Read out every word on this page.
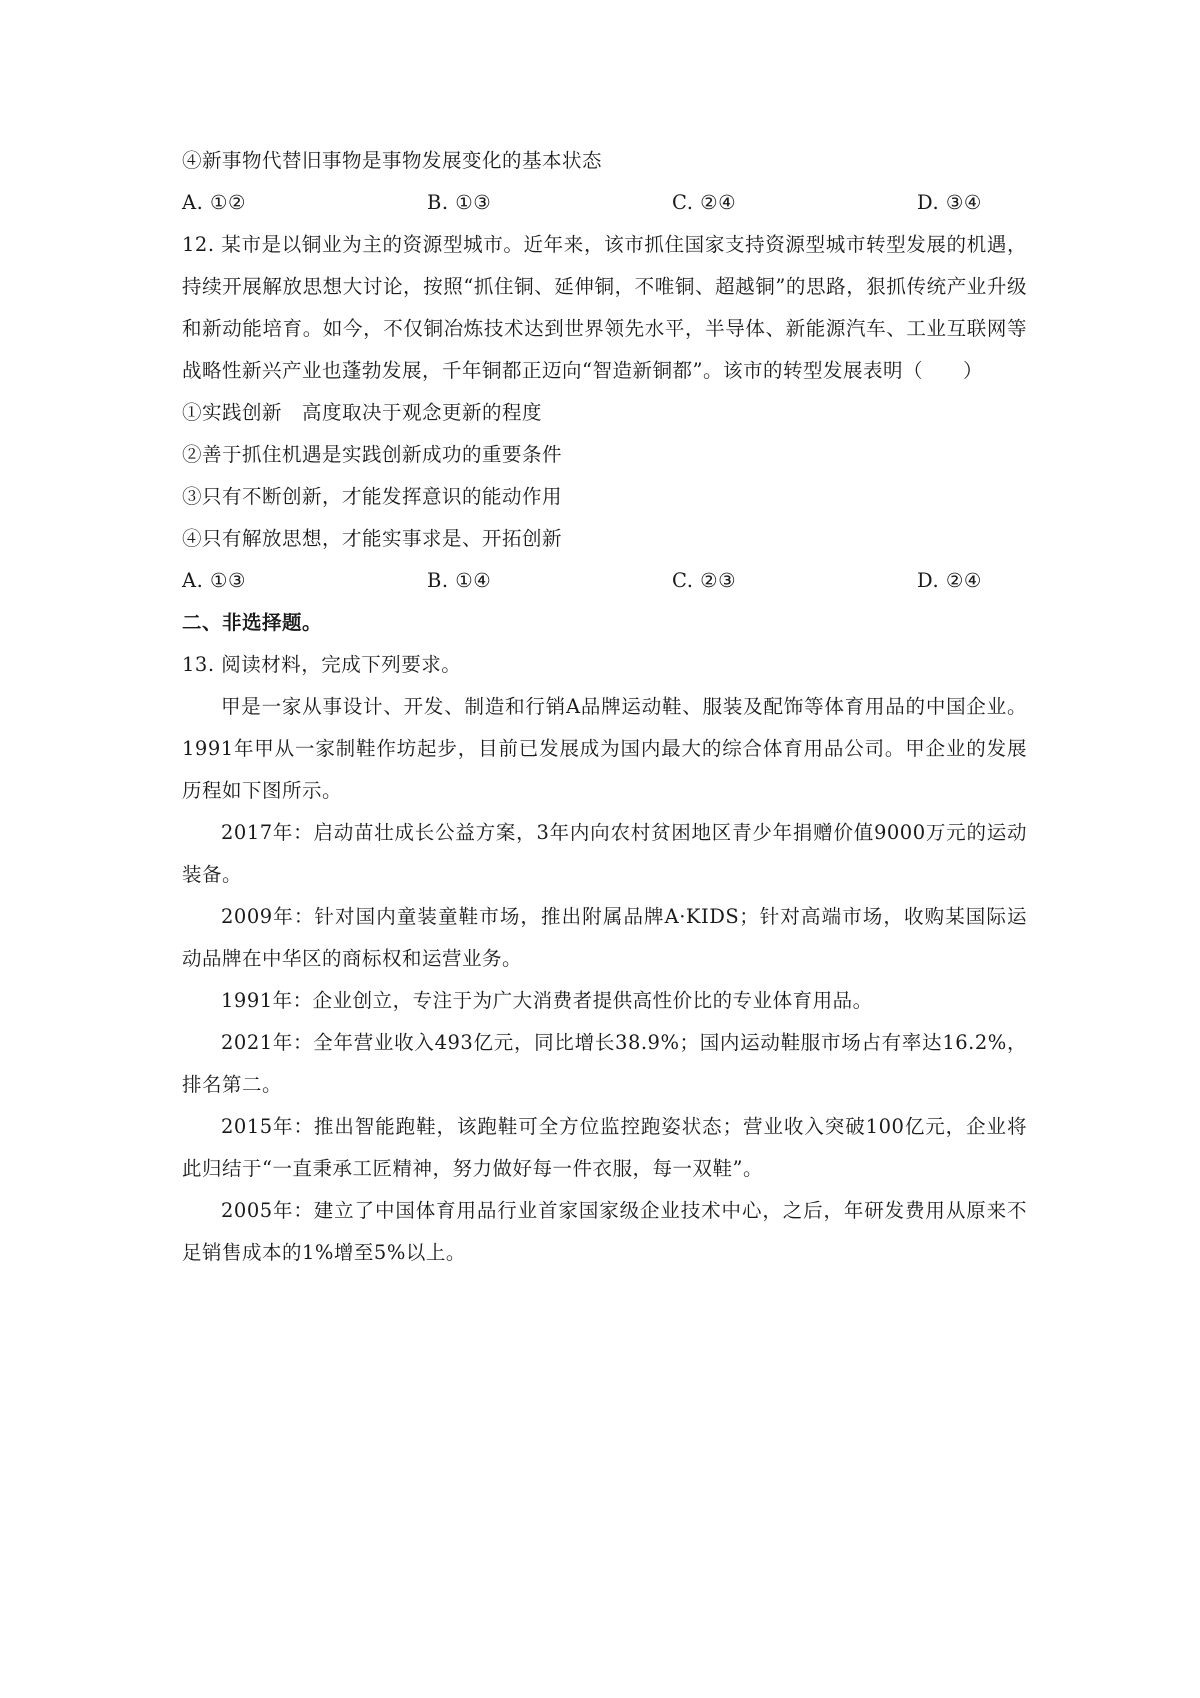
④新事物代替旧事物是事物发展变化的基本状态
A. ①②	B. ①③	C. ②④	D. ③④
12. 某市是以铜业为主的资源型城市。近年来，该市抓住国家支持资源型城市转型发展的机遇，持续开展解放思想大讨论，按照“抓住铜、延伸铜，不唯铜、超越铜”的思路，狠抓传统产业升级和新动能培育。如今，不仅铜冶炼技术达到世界领先水平，半导体、新能源汽车、工业互联网等战略性新兴产业也蓬勃发展，千年铜都正迈向“智造新铜都”。该市的转型发展表明（　　）
①实践创新　高度取决于观念更新的程度
②善于抓住机遇是实践创新成功的重要条件
③只有不断创新，才能发挥意识的能动作用
④只有解放思想，才能实事求是、开拓创新
A. ①③	B. ①④	C. ②③	D. ②④
二、非选择题。
13. 阅读材料，完成下列要求。
甲是一家从事设计、开发、制造和行销A品牌运动鞋、服装及配饰等体育用品的中国企业。1991年甲从一家制鞋作坊起步，目前已发展成为国内最大的综合体育用品公司。甲企业的发展历程如下图所示。
2017年：启动苗壮成长公益方案，3年内向农村贫困地区青少年捐赠价值9000万元的运动装备。
2009年：针对国内童装童鞋市场，推出附属品牌A·KIDS；针对高端市场，收购某国际运动品牌在中华区的商标权和运营业务。
1991年：企业创立，专注于为广大消费者提供高性价比的专业体育用品。
2021年：全年营业收入493亿元，同比增长38.9%；国内运动鞋服市场占有率达16.2%，排名第二。
2015年：推出智能跑鞋，该跑鞋可全方位监控跑姿状态；营业收入突破100亿元，企业将此归结于“一直秉承工匠精神，努力做好每一件衣服，每一双鞋”。
2005年：建立了中国体育用品行业首家国家级企业技术中心，之后，年研发费用从原来不足销售成本的1%增至5%以上。
